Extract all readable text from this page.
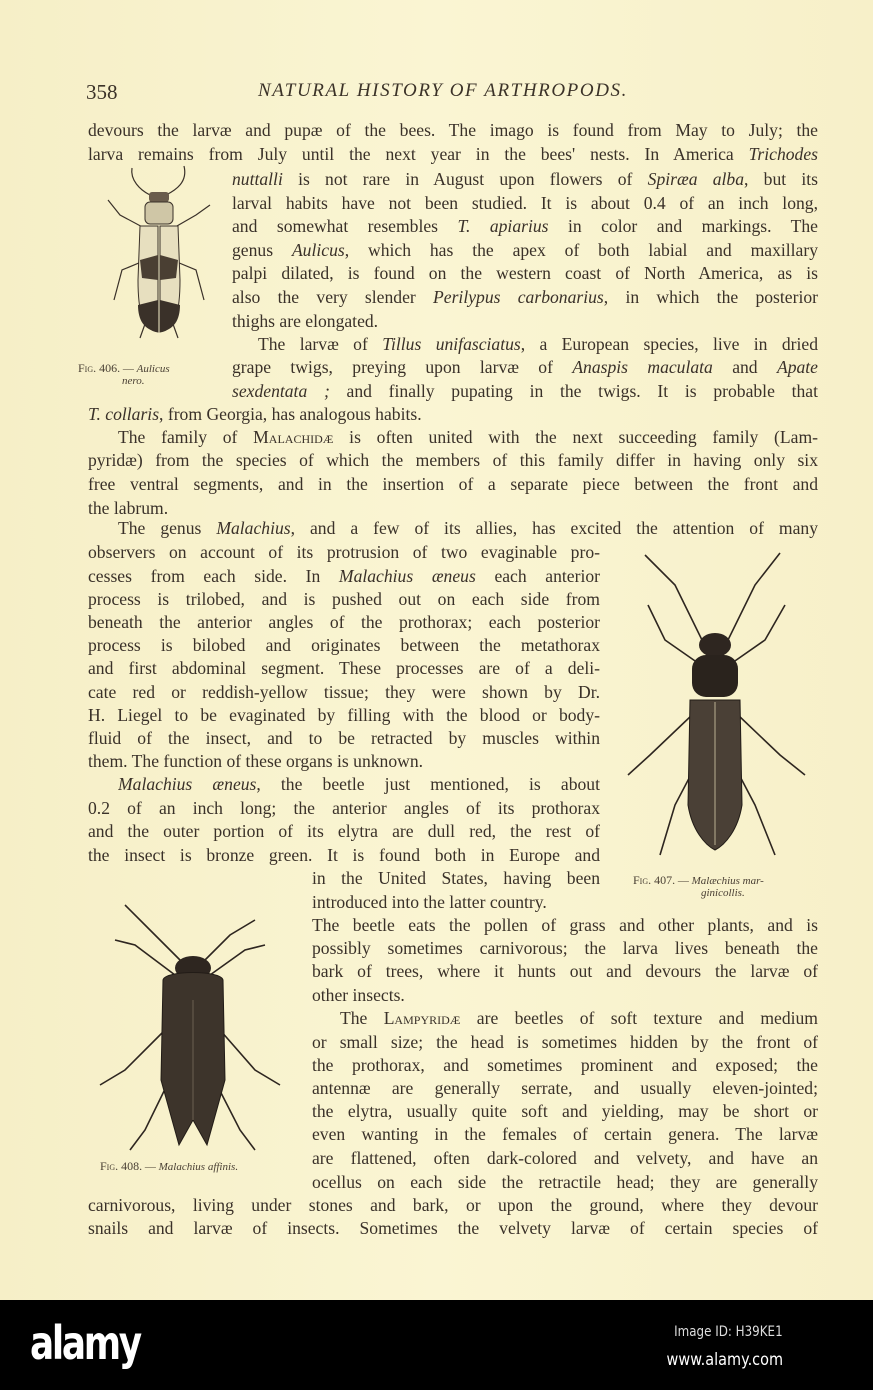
358	NATURAL HISTORY OF ARTHROPODS.
devours the larvæ and pupæ of the bees. The imago is found from May to July; the
larva remains from July until the next year in the bees' nests. In America Trichodes
nuttalli is not rare in August upon flowers of Spiræa alba, but its
larval habits have not been studied. It is about 0.4 of an inch long,
and somewhat resembles T. apiarius in color and markings. The
genus Aulicus, which has the apex of both labial and maxillary
palpi dilated, is found on the western coast of North America, as is
also the very slender Perilypus carbonarius, in which the posterior
thighs are elongated.
The larvæ of Tillus unifasciatus, a European species, live in dried
grape twigs, preying upon larvæ of Anaspis maculata and Apate
sexdentata ; and finally pupating in the twigs. It is probable that
T. collaris, from Georgia, has analogous habits.
The family of Malachidæ is often united with the next succeeding family (Lam-
pyridæ) from the species of which the members of this family differ in having only six
free ventral segments, and in the insertion of a separate piece between the front and
the labrum.
The genus Malachius, and a few of its allies, has excited the attention of many
observers on account of its protrusion of two evaginable pro-
cesses from each side. In Malachius æneus each anterior
process is trilobed, and is pushed out on each side from
beneath the anterior angles of the prothorax; each posterior
process is bilobed and originates between the metathorax
and first abdominal segment. These processes are of a deli-
cate red or reddish-yellow tissue; they were shown by Dr.
H. Liegel to be evaginated by filling with the blood or body-
fluid of the insect, and to be retracted by muscles within
them. The function of these organs is unknown.
Malachius æneus, the beetle just mentioned, is about
0.2 of an inch long; the anterior angles of its prothorax
and the outer portion of its elytra are dull red, the rest of
the insect is bronze green. It is found both in Europe and
in the United States, having been
introduced into the latter country.
The beetle eats the pollen of grass and other plants, and is
possibly sometimes carnivorous; the larva lives beneath the
bark of trees, where it hunts out and devours the larvæ of
other insects.
The Lampyridæ are beetles of soft texture and medium
or small size; the head is sometimes hidden by the front of
the prothorax, and sometimes prominent and exposed; the
antennæ are generally serrate, and usually eleven-jointed;
the elytra, usually quite soft and yielding, may be short or
even wanting in the females of certain genera. The larvæ
are flattened, often dark-colored and velvety, and have an
ocellus on each side the retractile head; they are generally
carnivorous, living under stones and bark, or upon the ground, where they devour
snails and larvæ of insects. Sometimes the velvety larvæ of certain species of
Fig. 406. — Aulicus
nero.
Fig. 407. — Malæchius mar-
ginicollis.
Fig. 408. — Malachius affinis.
alamy	Image ID: H39KE1
www.alamy.com
